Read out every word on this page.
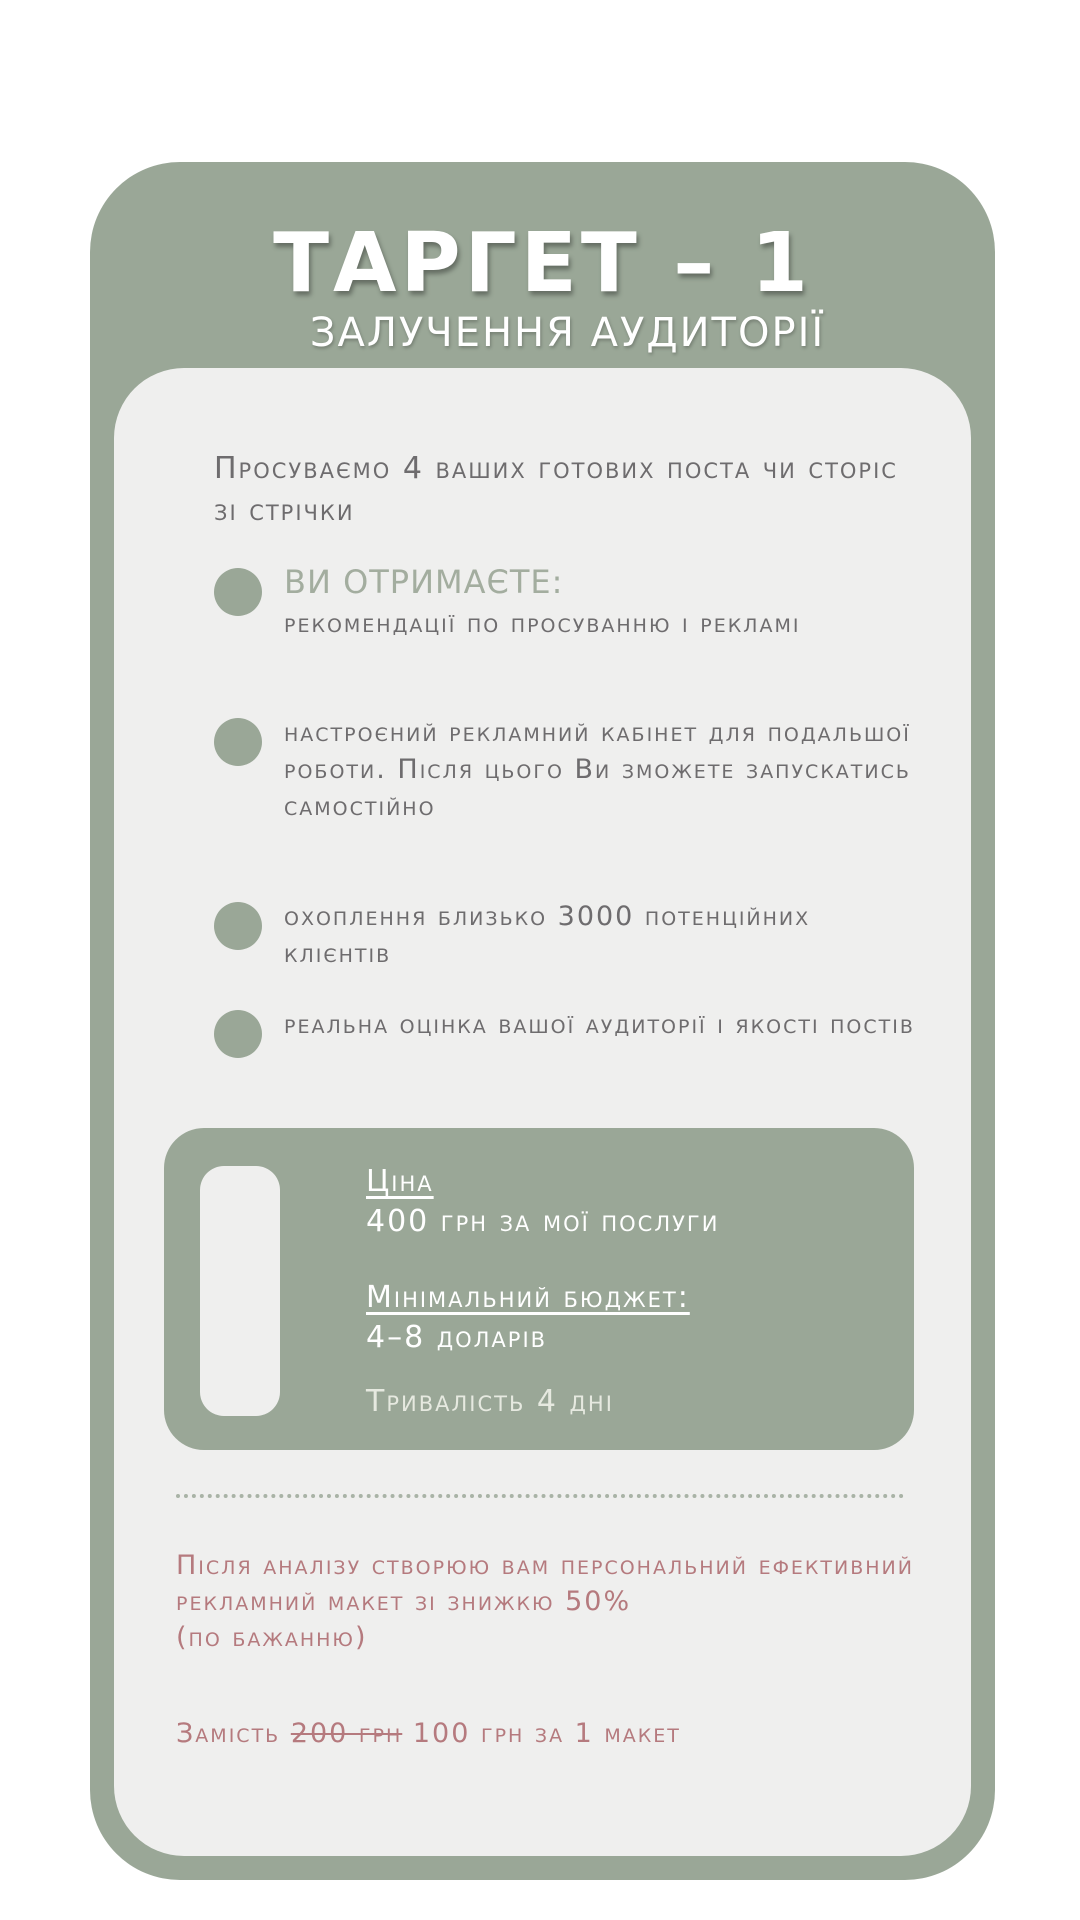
ТАРГЕТ – 1
ЗАЛУЧЕННЯ АУДИТОРІЇ
Просуваємо 4 ваших готових поста чи сторіс зі стрічки
ВИ ОТРИМАЄТЕ:
рекомендації по просуванню і рекламі
настроєний рекламний кабінет для подальшої роботи. Після цього Ви зможете запускатись самостійно
охоплення близько 3000 потенційних клієнтів
реальна оцінка вашої аудиторії і якості постів
Ціна
400 грн за мої послуги
Мінімальний бюджет:
4–8 доларів
Тривалість 4 дні
Після аналізу створюю вам персональний ефективний рекламний макет зі знижкю 50%
(по бажанню)
Замість 200 грн 100 грн за 1 макет
